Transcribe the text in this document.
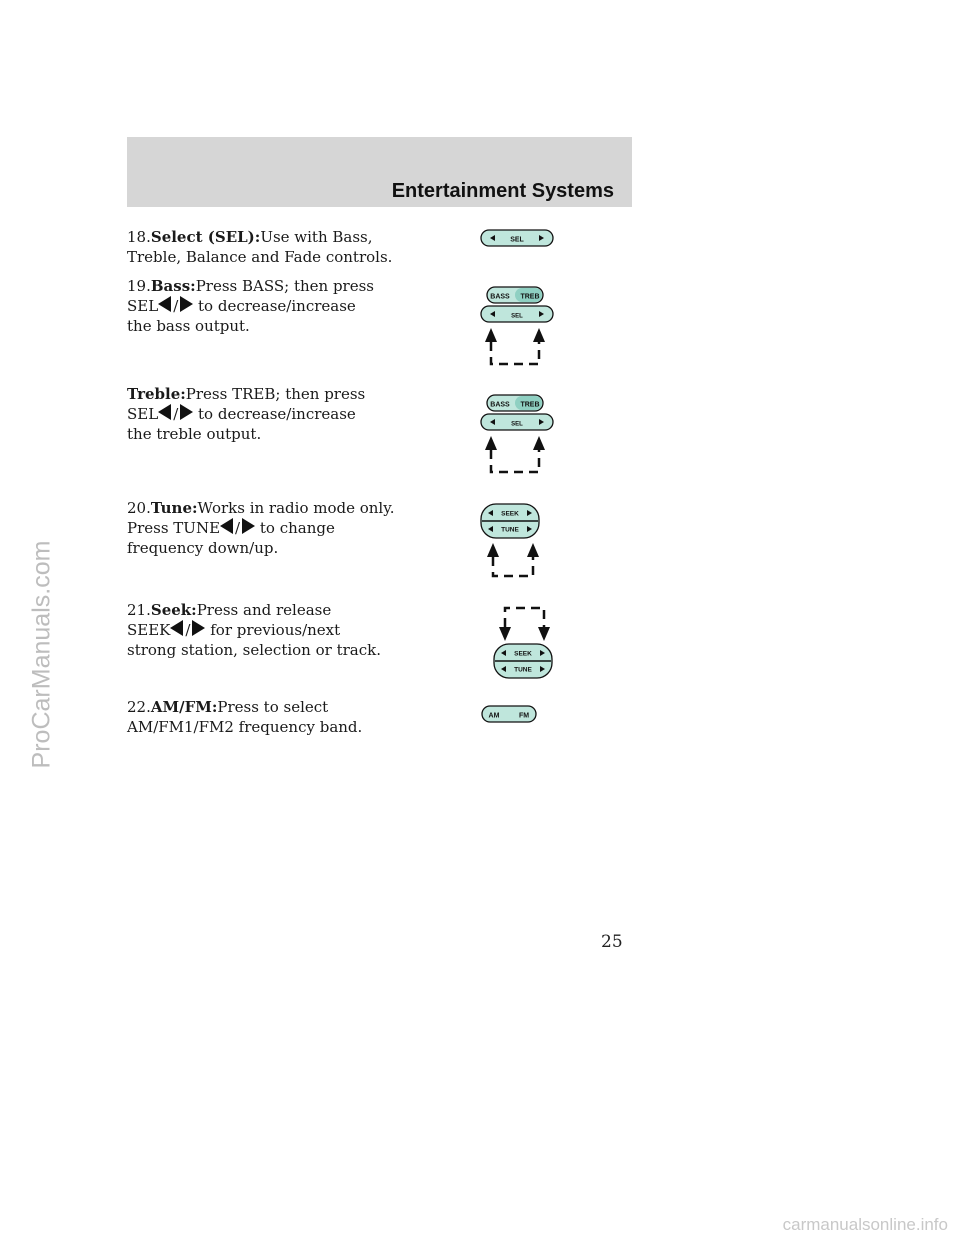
Entertainment Systems
ProCarManuals.com
18.Select (SEL):Use with Bass, Treble, Balance and Fade controls.
19.Bass:Press BASS; then press
SEL / to decrease/increase
the bass output.
Treble:Press TREB; then press
SEL / to decrease/increase
the treble output.
20.Tune:Works in radio mode only.
Press TUNE / to change
frequency down/up.
21.Seek:Press and release
SEEK / for previous/next
strong station, selection or track.
22.AM/FM:Press to select AM/FM1/FM2 frequency band.
SEL
BASS TREB
SEL
BASS TREB
SEL
SEEK
TUNE
SEEK
TUNE
AM	FM
25
carmanualsonline.info
